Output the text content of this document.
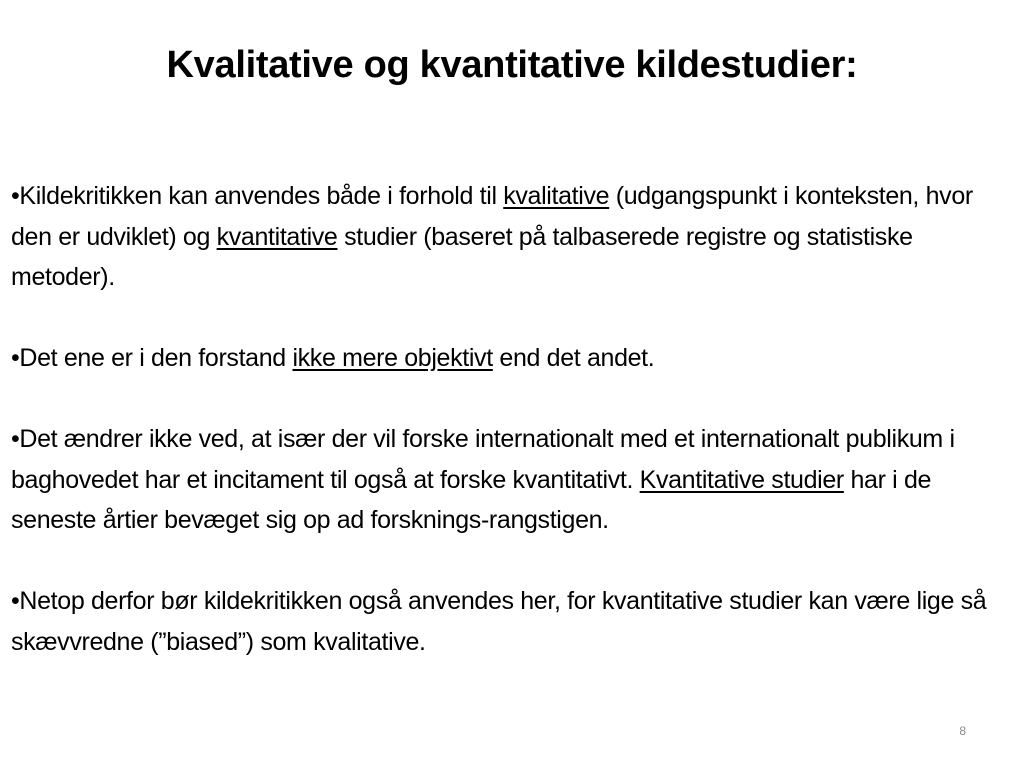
Kvalitative og kvantitative kildestudier:

•Kildekritikken kan anvendes både i forhold til kvalitative (udgangspunkt i konteksten, hvor den er udviklet) og kvantitative studier (baseret på talbaserede registre og statistiske metoder).

•Det ene er i den forstand ikke mere objektivt end det andet.

•Det ændrer ikke ved, at især der vil forske internationalt med et internationalt publikum i baghovedet har et incitament til også at forske kvantitativt. Kvantitative studier har i de seneste årtier bevæget sig op ad forsknings-rangstigen.

•Netop derfor bør kildekritikken også anvendes her, for kvantitative studier kan være lige så skævvredne (”biased”) som kvalitative.

8
